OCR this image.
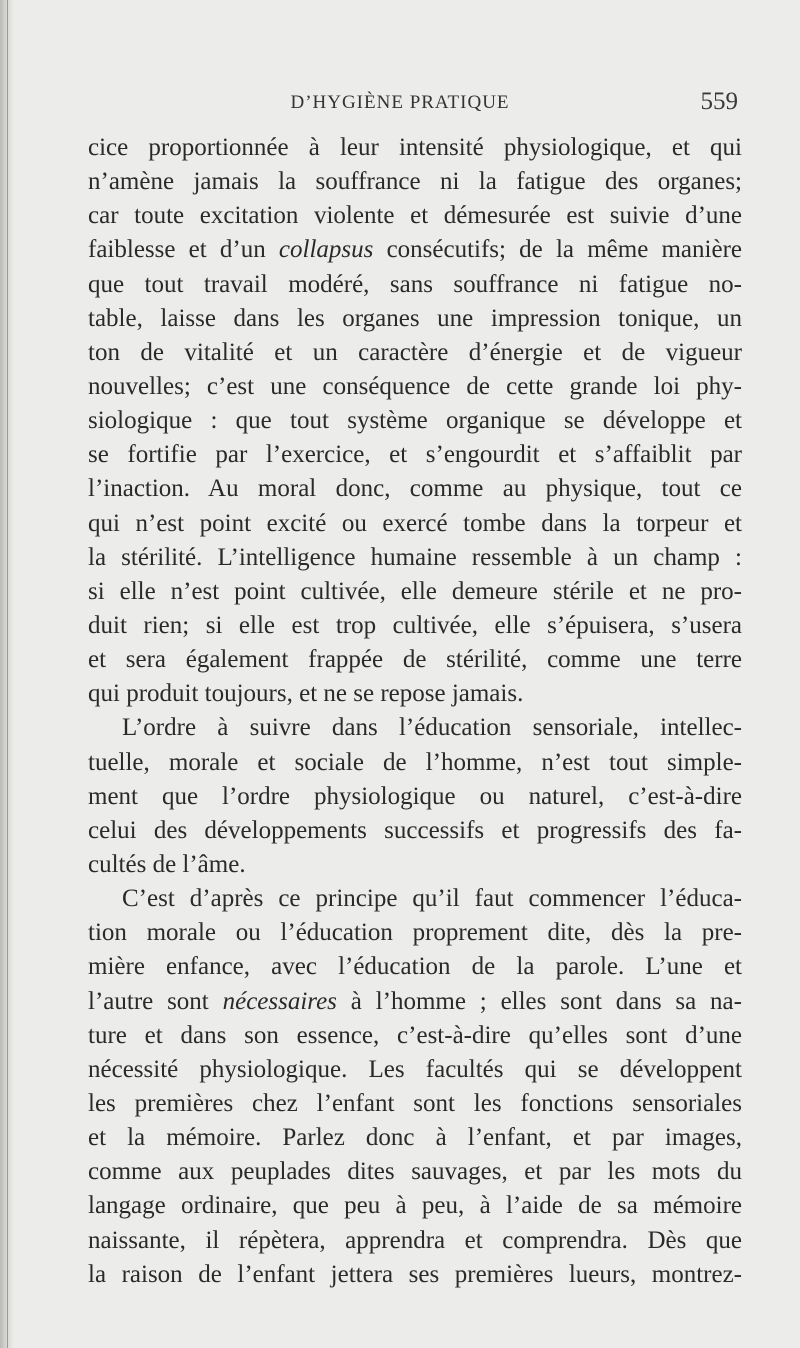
D’HYGIÈNE PRATIQUE	559
cice proportionnée à leur intensité physiologique, et qui
n’amène jamais la souffrance ni la fatigue des organes;
car toute excitation violente et démesurée est suivie d’une
faiblesse et d’un collapsus consécutifs; de la même manière
que tout travail modéré, sans souffrance ni fatigue no-
table, laisse dans les organes une impression tonique, un
ton de vitalité et un caractère d’énergie et de vigueur
nouvelles; c’est une conséquence de cette grande loi phy-
siologique : que tout système organique se développe et
se fortifie par l’exercice, et s’engourdit et s’affaiblit par
l’inaction. Au moral donc, comme au physique, tout ce
qui n’est point excité ou exercé tombe dans la torpeur et
la stérilité. L’intelligence humaine ressemble à un champ :
si elle n’est point cultivée, elle demeure stérile et ne pro-
duit rien; si elle est trop cultivée, elle s’épuisera, s’usera
et sera également frappée de stérilité, comme une terre
qui produit toujours, et ne se repose jamais.
L’ordre à suivre dans l’éducation sensoriale, intellec-
tuelle, morale et sociale de l’homme, n’est tout simple-
ment que l’ordre physiologique ou naturel, c’est-à-dire
celui des développements successifs et progressifs des fa-
cultés de l’âme.
C’est d’après ce principe qu’il faut commencer l’éduca-
tion morale ou l’éducation proprement dite, dès la pre-
mière enfance, avec l’éducation de la parole. L’une et
l’autre sont nécessaires à l’homme ; elles sont dans sa na-
ture et dans son essence, c’est-à-dire qu’elles sont d’une
nécessité physiologique. Les facultés qui se développent
les premières chez l’enfant sont les fonctions sensoriales
et la mémoire. Parlez donc à l’enfant, et par images,
comme aux peuplades dites sauvages, et par les mots du
langage ordinaire, que peu à peu, à l’aide de sa mémoire
naissante, il répètera, apprendra et comprendra. Dès que
la raison de l’enfant jettera ses premières lueurs, montrez-
